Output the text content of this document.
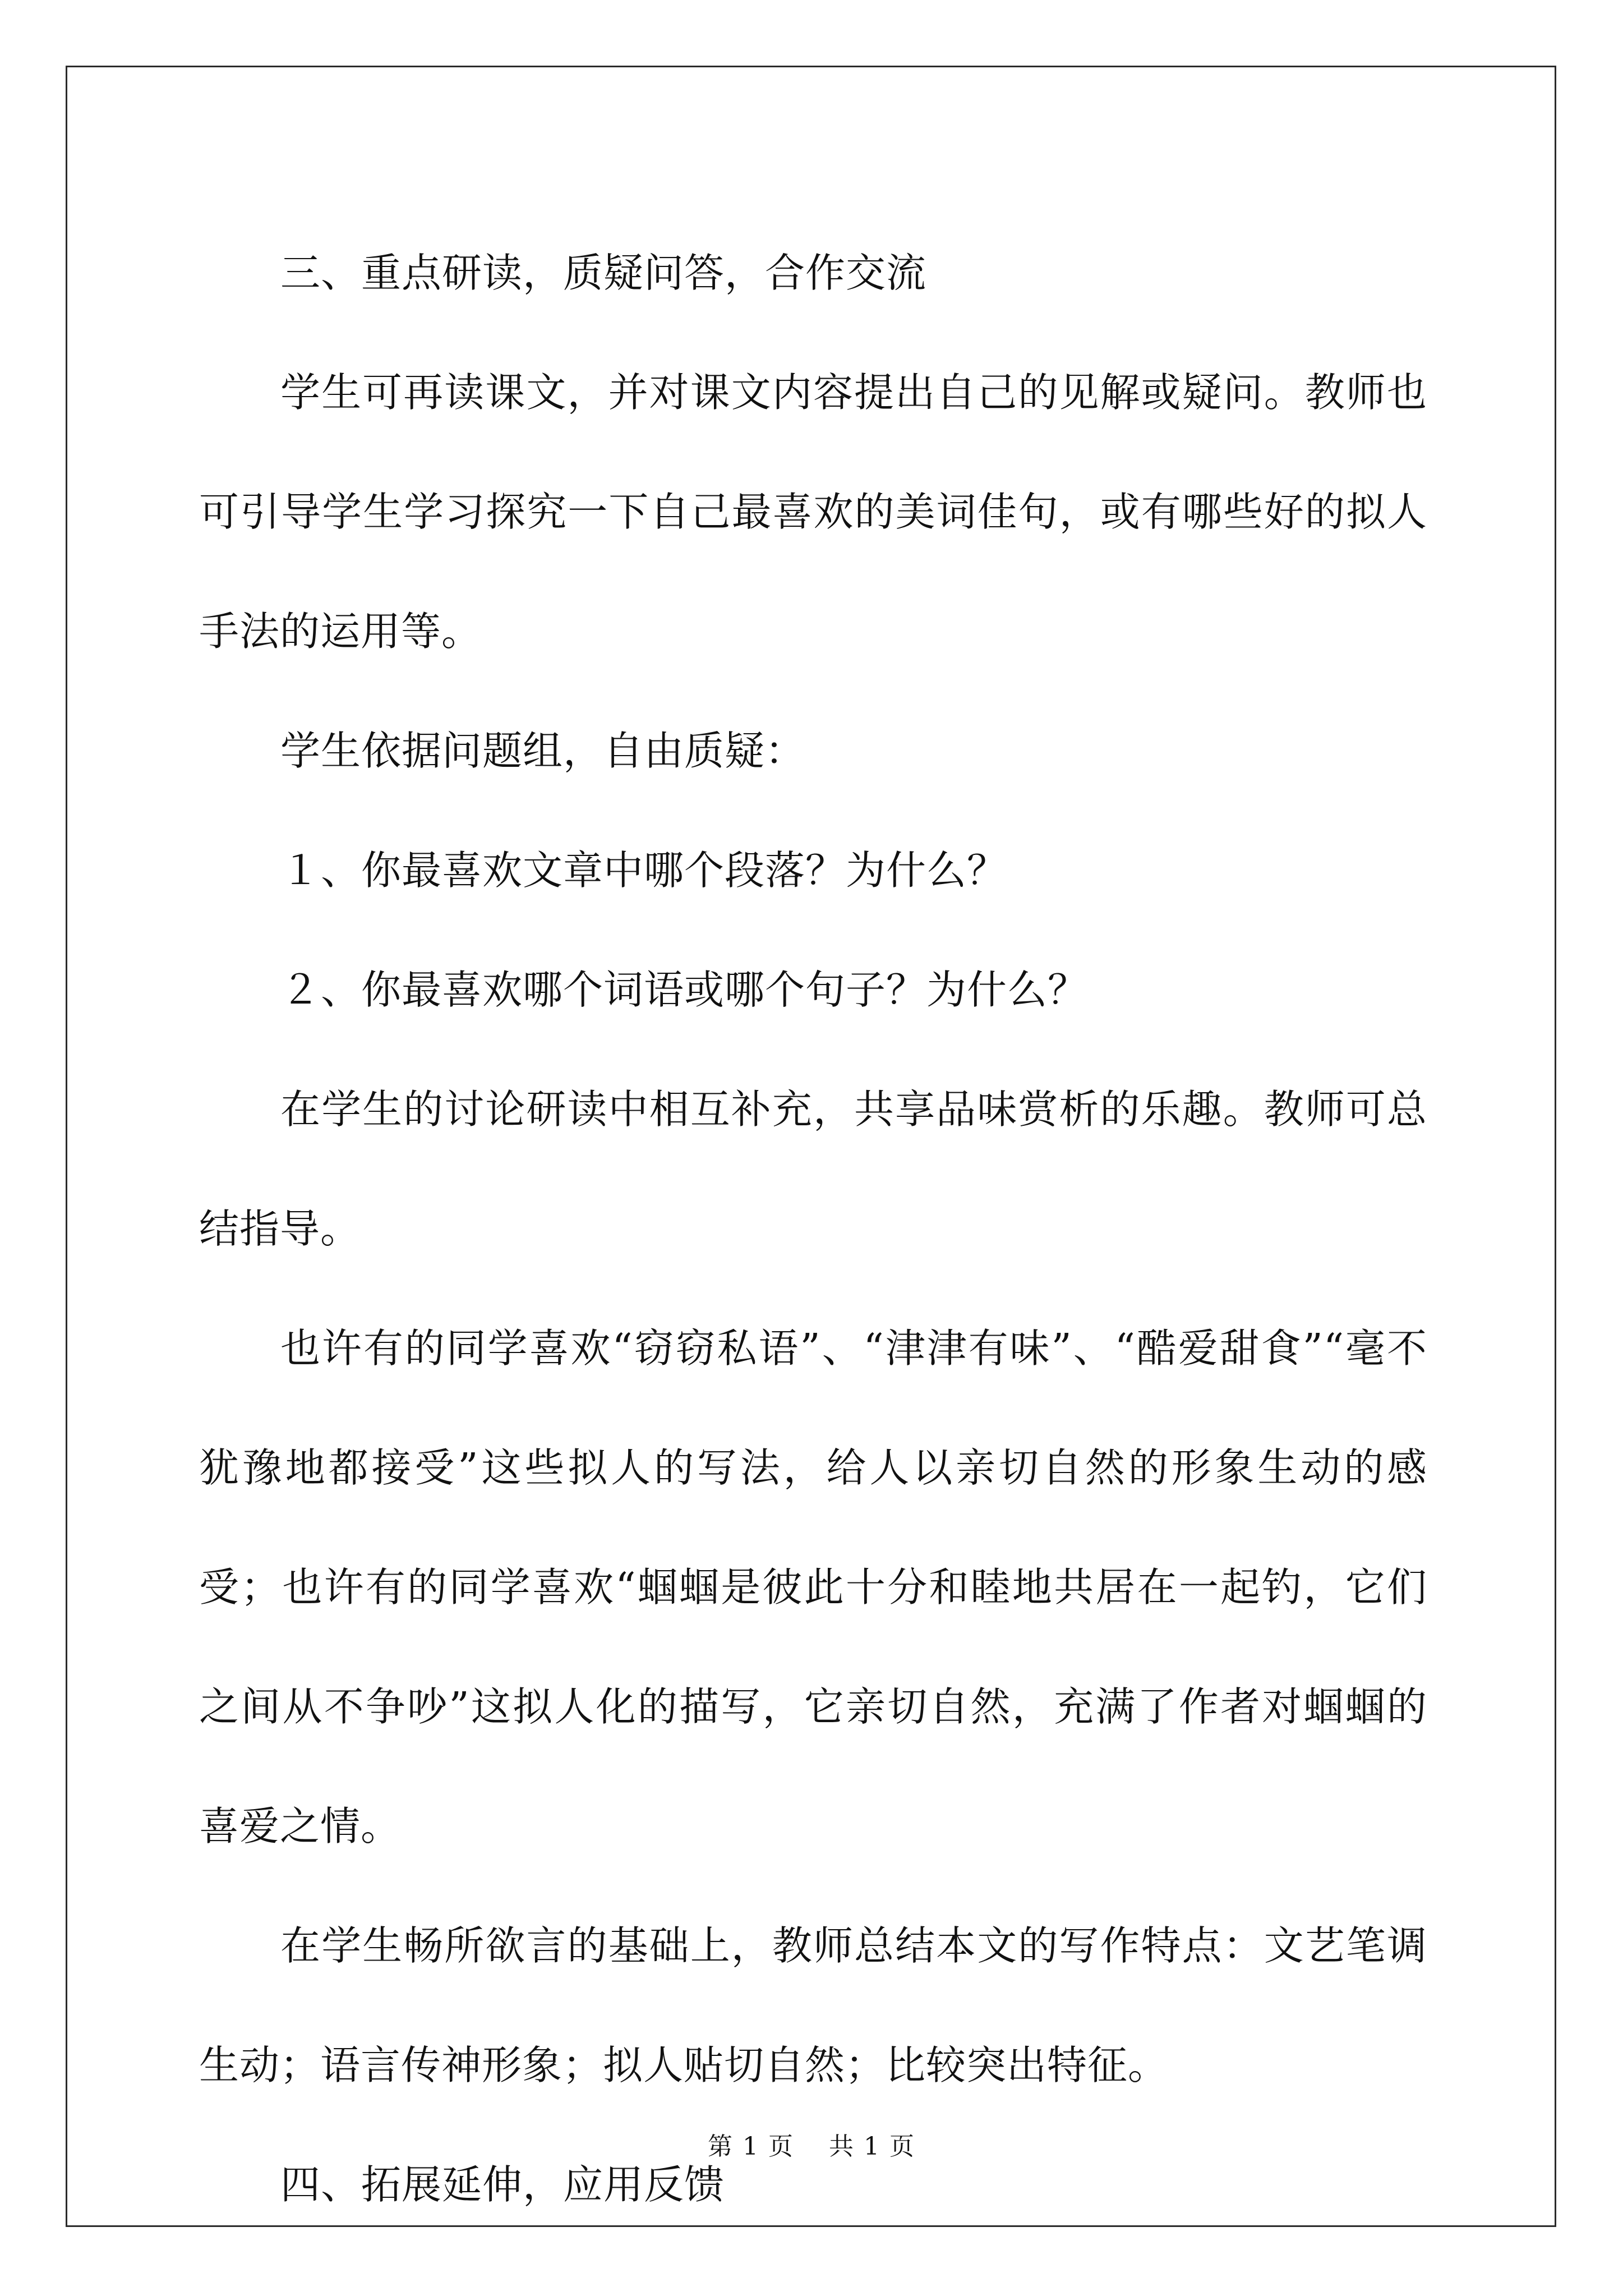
三、重点研读，质疑问答，合作交流

学生可再读课文，并对课文内容提出自己的见解或疑问。教师也可引导学生学习探究一下自己最喜欢的美词佳句，或有哪些好的拟人手法的运用等。

学生依据问题组，自由质疑：

１、你最喜欢文章中哪个段落？为什么？

２、你最喜欢哪个词语或哪个句子？为什么？

在学生的讨论研读中相互补充，共享品味赏析的乐趣。教师可总结指导。

也许有的同学喜欢“窃窃私语”、“津津有味”、“酷爱甜食”“毫不犹豫地都接受”这些拟人的写法，给人以亲切自然的形象生动的感受；也许有的同学喜欢“蝈蝈是彼此十分和睦地共居在一起钓，它们之间从不争吵”这拟人化的描写，它亲切自然，充满了作者对蝈蝈的喜爱之情。

在学生畅所欲言的基础上，教师总结本文的写作特点：文艺笔调生动；语言传神形象；拟人贴切自然；比较突出特征。

四、拓展延伸，应用反馈

第 1 页　 共 1 页
